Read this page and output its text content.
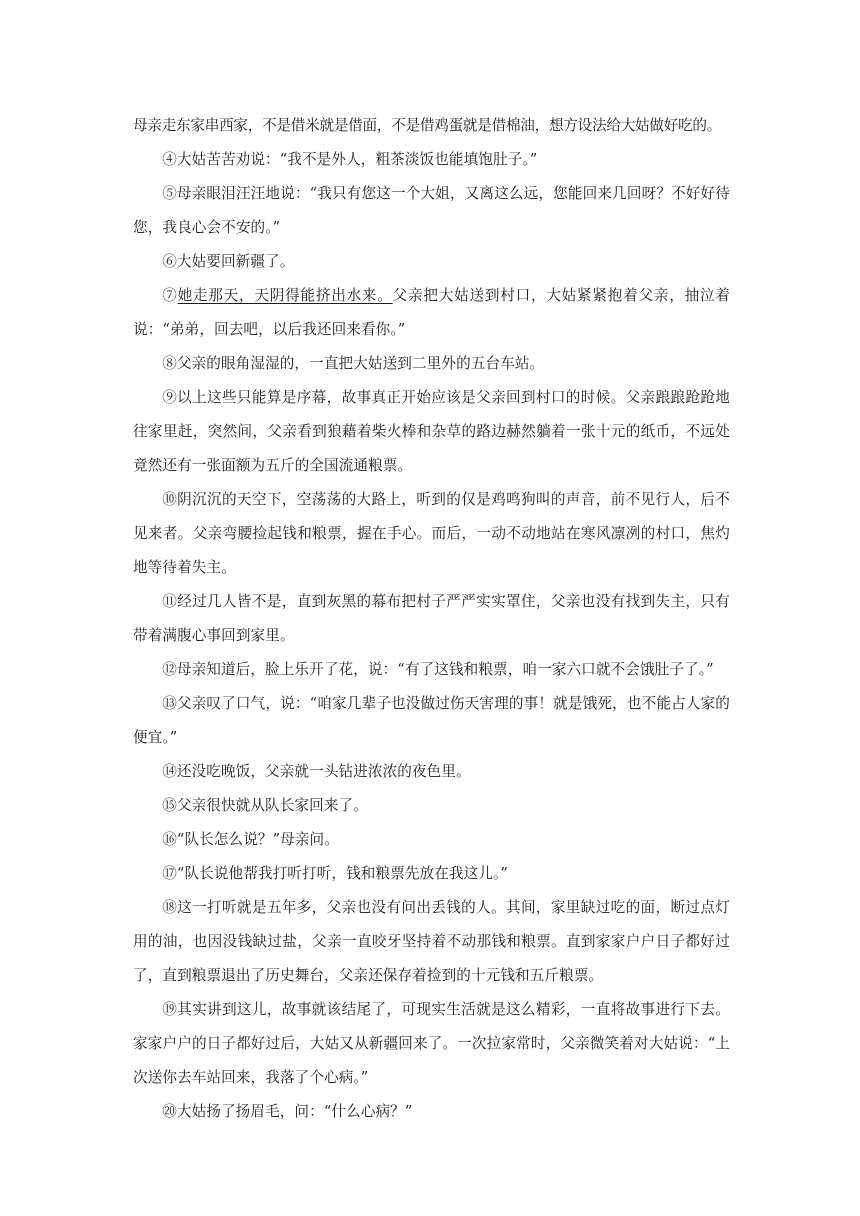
母亲走东家串西家，不是借米就是借面，不是借鸡蛋就是借棉油，想方设法给大姑做好吃的。

④大姑苦苦劝说：“我不是外人，粗茶淡饭也能填饱肚子。”

⑤母亲眼泪汪汪地说：“我只有您这一个大姐，又离这么远，您能回来几回呀？不好好待您，我良心会不安的。”

⑥大姑要回新疆了。

⑦她走那天，天阴得能挤出水来。父亲把大姑送到村口，大姑紧紧抱着父亲，抽泣着说：“弟弟，回去吧，以后我还回来看你。”

⑧父亲的眼角湿湿的，一直把大姑送到二里外的五台车站。

⑨以上这些只能算是序幕，故事真正开始应该是父亲回到村口的时候。父亲踉踉跄跄地往家里赶，突然间，父亲看到狼藉着柴火棒和杂草的路边赫然躺着一张十元的纸币，不远处竟然还有一张面额为五斤的全国流通粮票。

⑩阴沉沉的天空下，空荡荡的大路上，听到的仅是鸡鸣狗叫的声音，前不见行人，后不见来者。父亲弯腰捡起钱和粮票，握在手心。而后，一动不动地站在寒风凛冽的村口，焦灼地等待着失主。

⑪经过几人皆不是，直到灰黑的幕布把村子严严实实罩住，父亲也没有找到失主，只有带着满腹心事回到家里。

⑫母亲知道后，脸上乐开了花，说：“有了这钱和粮票，咱一家六口就不会饿肚子了。”

⑬父亲叹了口气，说：“咱家几辈子也没做过伤天害理的事！就是饿死，也不能占人家的便宜。”

⑭还没吃晚饭，父亲就一头钻进浓浓的夜色里。

⑮父亲很快就从队长家回来了。

⑯“队长怎么说？”母亲问。

⑰“队长说他帮我打听打听，钱和粮票先放在我这儿。”

⑱这一打听就是五年多，父亲也没有问出丢钱的人。其间，家里缺过吃的面，断过点灯用的油，也因没钱缺过盐，父亲一直咬牙坚持着不动那钱和粮票。直到家家户户日子都好过了，直到粮票退出了历史舞台，父亲还保存着捡到的十元钱和五斤粮票。

⑲其实讲到这儿，故事就该结尾了，可现实生活就是这么精彩，一直将故事进行下去。家家户户的日子都好过后，大姑又从新疆回来了。一次拉家常时，父亲微笑着对大姑说：“上次送你去车站回来，我落了个心病。”

⑳大姑扬了扬眉毛，问：“什么心病？”
